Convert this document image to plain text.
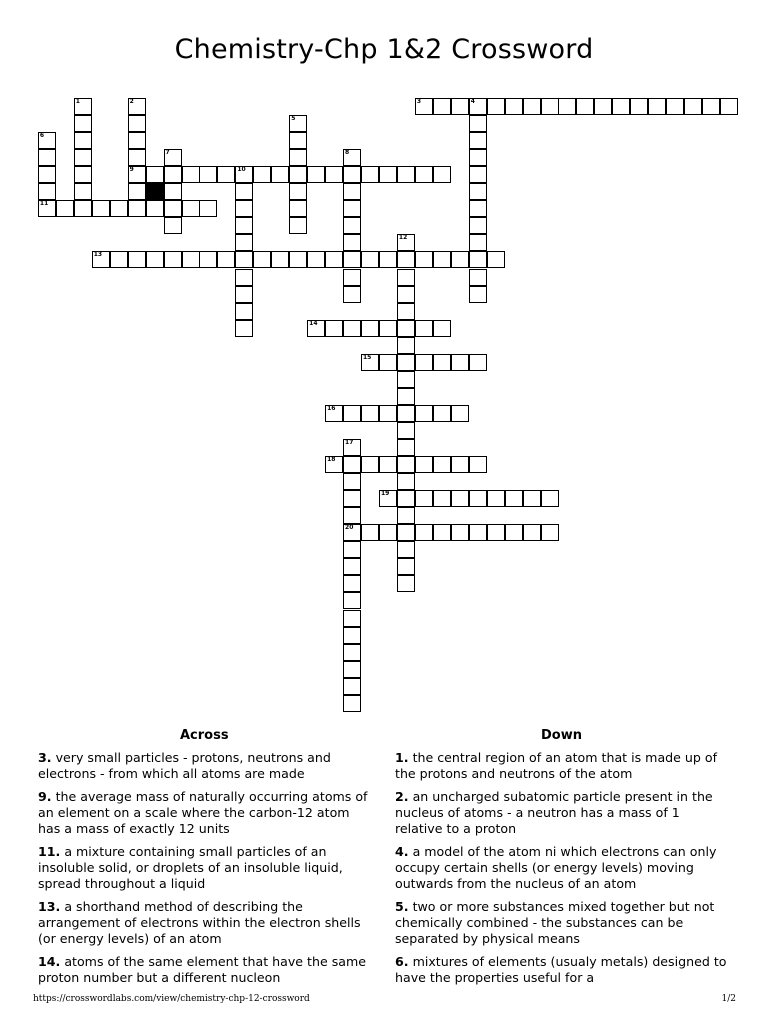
Chemistry-Chp 1&2 Crossword
1	2
9
3	4
5
6
11
7	8
10
12
13
14
15
16
17
20
18
19
Across	Down

3. very small particles - protons, neutrons and electrons - from which all atoms are made

9. the average mass of naturally occurring atoms of an element on a scale where the carbon-12 atom has a mass of exactly 12 units

11. a mixture containing small particles of an insoluble solid, or droplets of an insoluble liquid, spread throughout a liquid

13. a shorthand method of describing the arrangement of electrons within the electron shells (or energy levels) of an atom

14. atoms of the same element that have the same proton number but a different nucleon

1. the central region of an atom that is made up of the protons and neutrons of the atom

2. an uncharged subatomic particle present in the nucleus of atoms - a neutron has a mass of 1 relative to a proton

4. a model of the atom ni which electrons can only occupy certain shells (or energy levels) moving outwards from the nucleus of an atom

5. two or more substances mixed together but not chemically combined - the substances can be separated by physical means

6. mixtures of elements (usualy metals) designed to have the properties useful for a

https://crosswordlabs.com/view/chemistry-chp-12-crossword	1/2
